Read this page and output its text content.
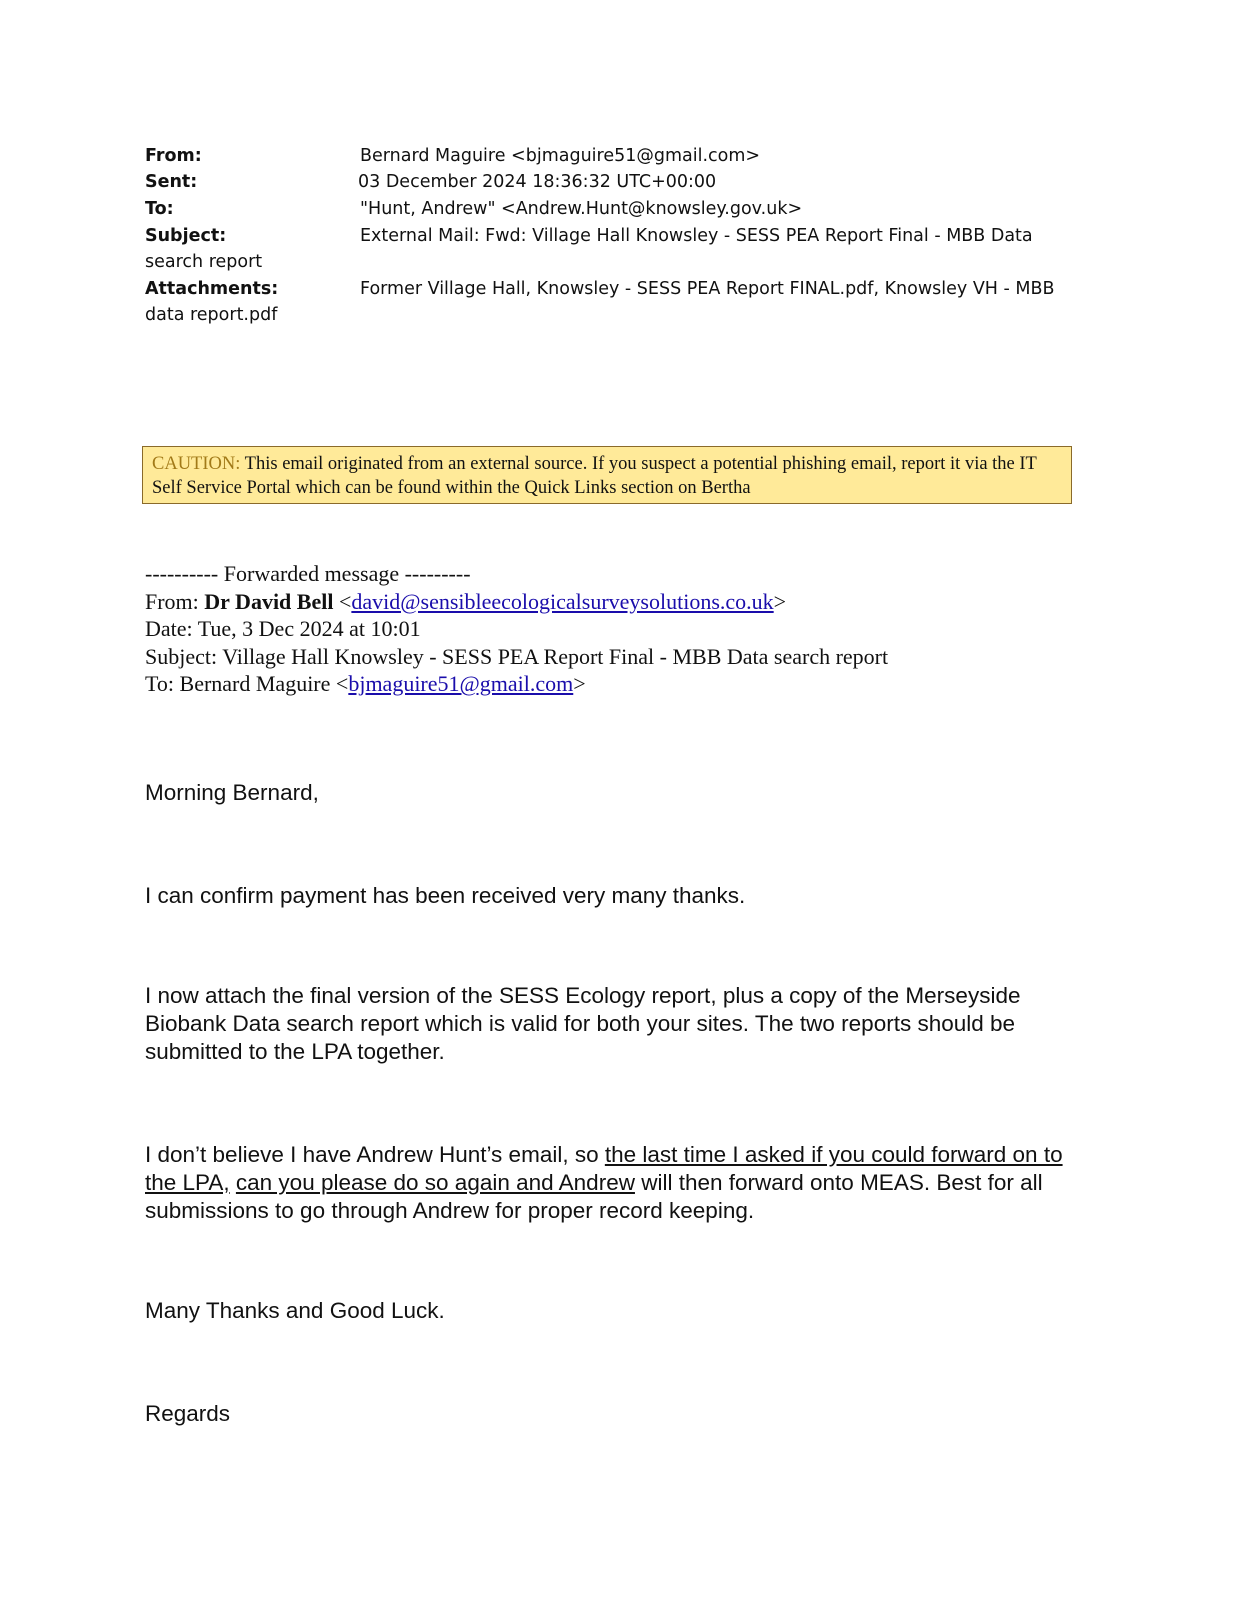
From:	Bernard Maguire <bjmaguire51@gmail.com>
Sent:	03 December 2024 18:36:32 UTC+00:00
To:	"Hunt, Andrew" <Andrew.Hunt@knowsley.gov.uk>
Subject:	External Mail: Fwd: Village Hall Knowsley - SESS PEA Report Final - MBB Data
search report
Attachments:	Former Village Hall, Knowsley - SESS PEA Report FINAL.pdf, Knowsley VH - MBB
data report.pdf
CAUTION: This email originated from an external source. If you suspect a potential phishing email, report it via the IT Self Service Portal which can be found within the Quick Links section on Bertha
---------- Forwarded message ---------
From: Dr David Bell <david@sensibleecologicalsurveysolutions.co.uk>
Date: Tue, 3 Dec 2024 at 10:01
Subject: Village Hall Knowsley - SESS PEA Report Final - MBB Data search report
To: Bernard Maguire <bjmaguire51@gmail.com>
Morning Bernard,
I can confirm payment has been received very many thanks.
I now attach the final version of the SESS Ecology report, plus a copy of the Merseyside Biobank Data search report which is valid for both your sites. The two reports should be submitted to the LPA together.
I don’t believe I have Andrew Hunt’s email, so the last time I asked if you could forward on to the LPA, can you please do so again and Andrew will then forward onto MEAS. Best for all submissions to go through Andrew for proper record keeping.
Many Thanks and Good Luck.
Regards
